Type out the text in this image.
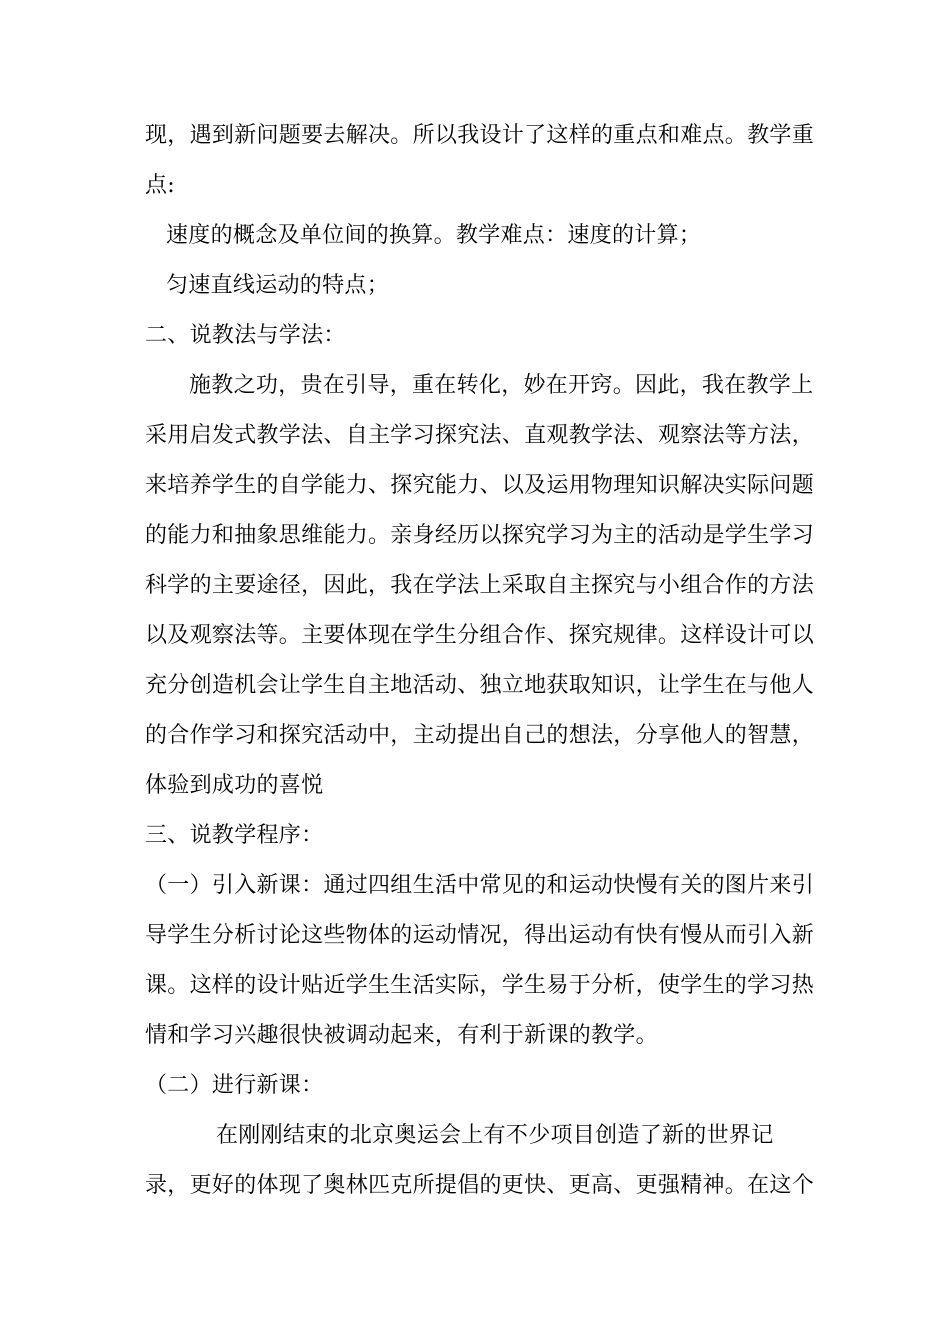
现，遇到新问题要去解决。所以我设计了这样的重点和难点。教学重
点:
速度的概念及单位间的换算。教学难点：速度的计算；
匀速直线运动的特点；
二、说教法与学法：
施教之功，贵在引导，重在转化，妙在开窍。因此，我在教学上
采用启发式教学法、自主学习探究法、直观教学法、观察法等方法，
来培养学生的自学能力、探究能力、以及运用物理知识解决实际问题
的能力和抽象思维能力。亲身经历以探究学习为主的活动是学生学习
科学的主要途径，因此，我在学法上采取自主探究与小组合作的方法
以及观察法等。主要体现在学生分组合作、探究规律。这样设计可以
充分创造机会让学生自主地活动、独立地获取知识，让学生在与他人
的合作学习和探究活动中，主动提出自己的想法，分享他人的智慧，
体验到成功的喜悦
三、说教学程序：
（一）引入新课：通过四组生活中常见的和运动快慢有关的图片来引
导学生分析讨论这些物体的运动情况，得出运动有快有慢从而引入新
课。这样的设计贴近学生生活实际，学生易于分析，使学生的学习热
情和学习兴趣很快被调动起来，有利于新课的教学。
（二）进行新课：
在刚刚结束的北京奥运会上有不少项目创造了新的世界记
录，更好的体现了奥林匹克所提倡的更快、更高、更强精神。在这个
